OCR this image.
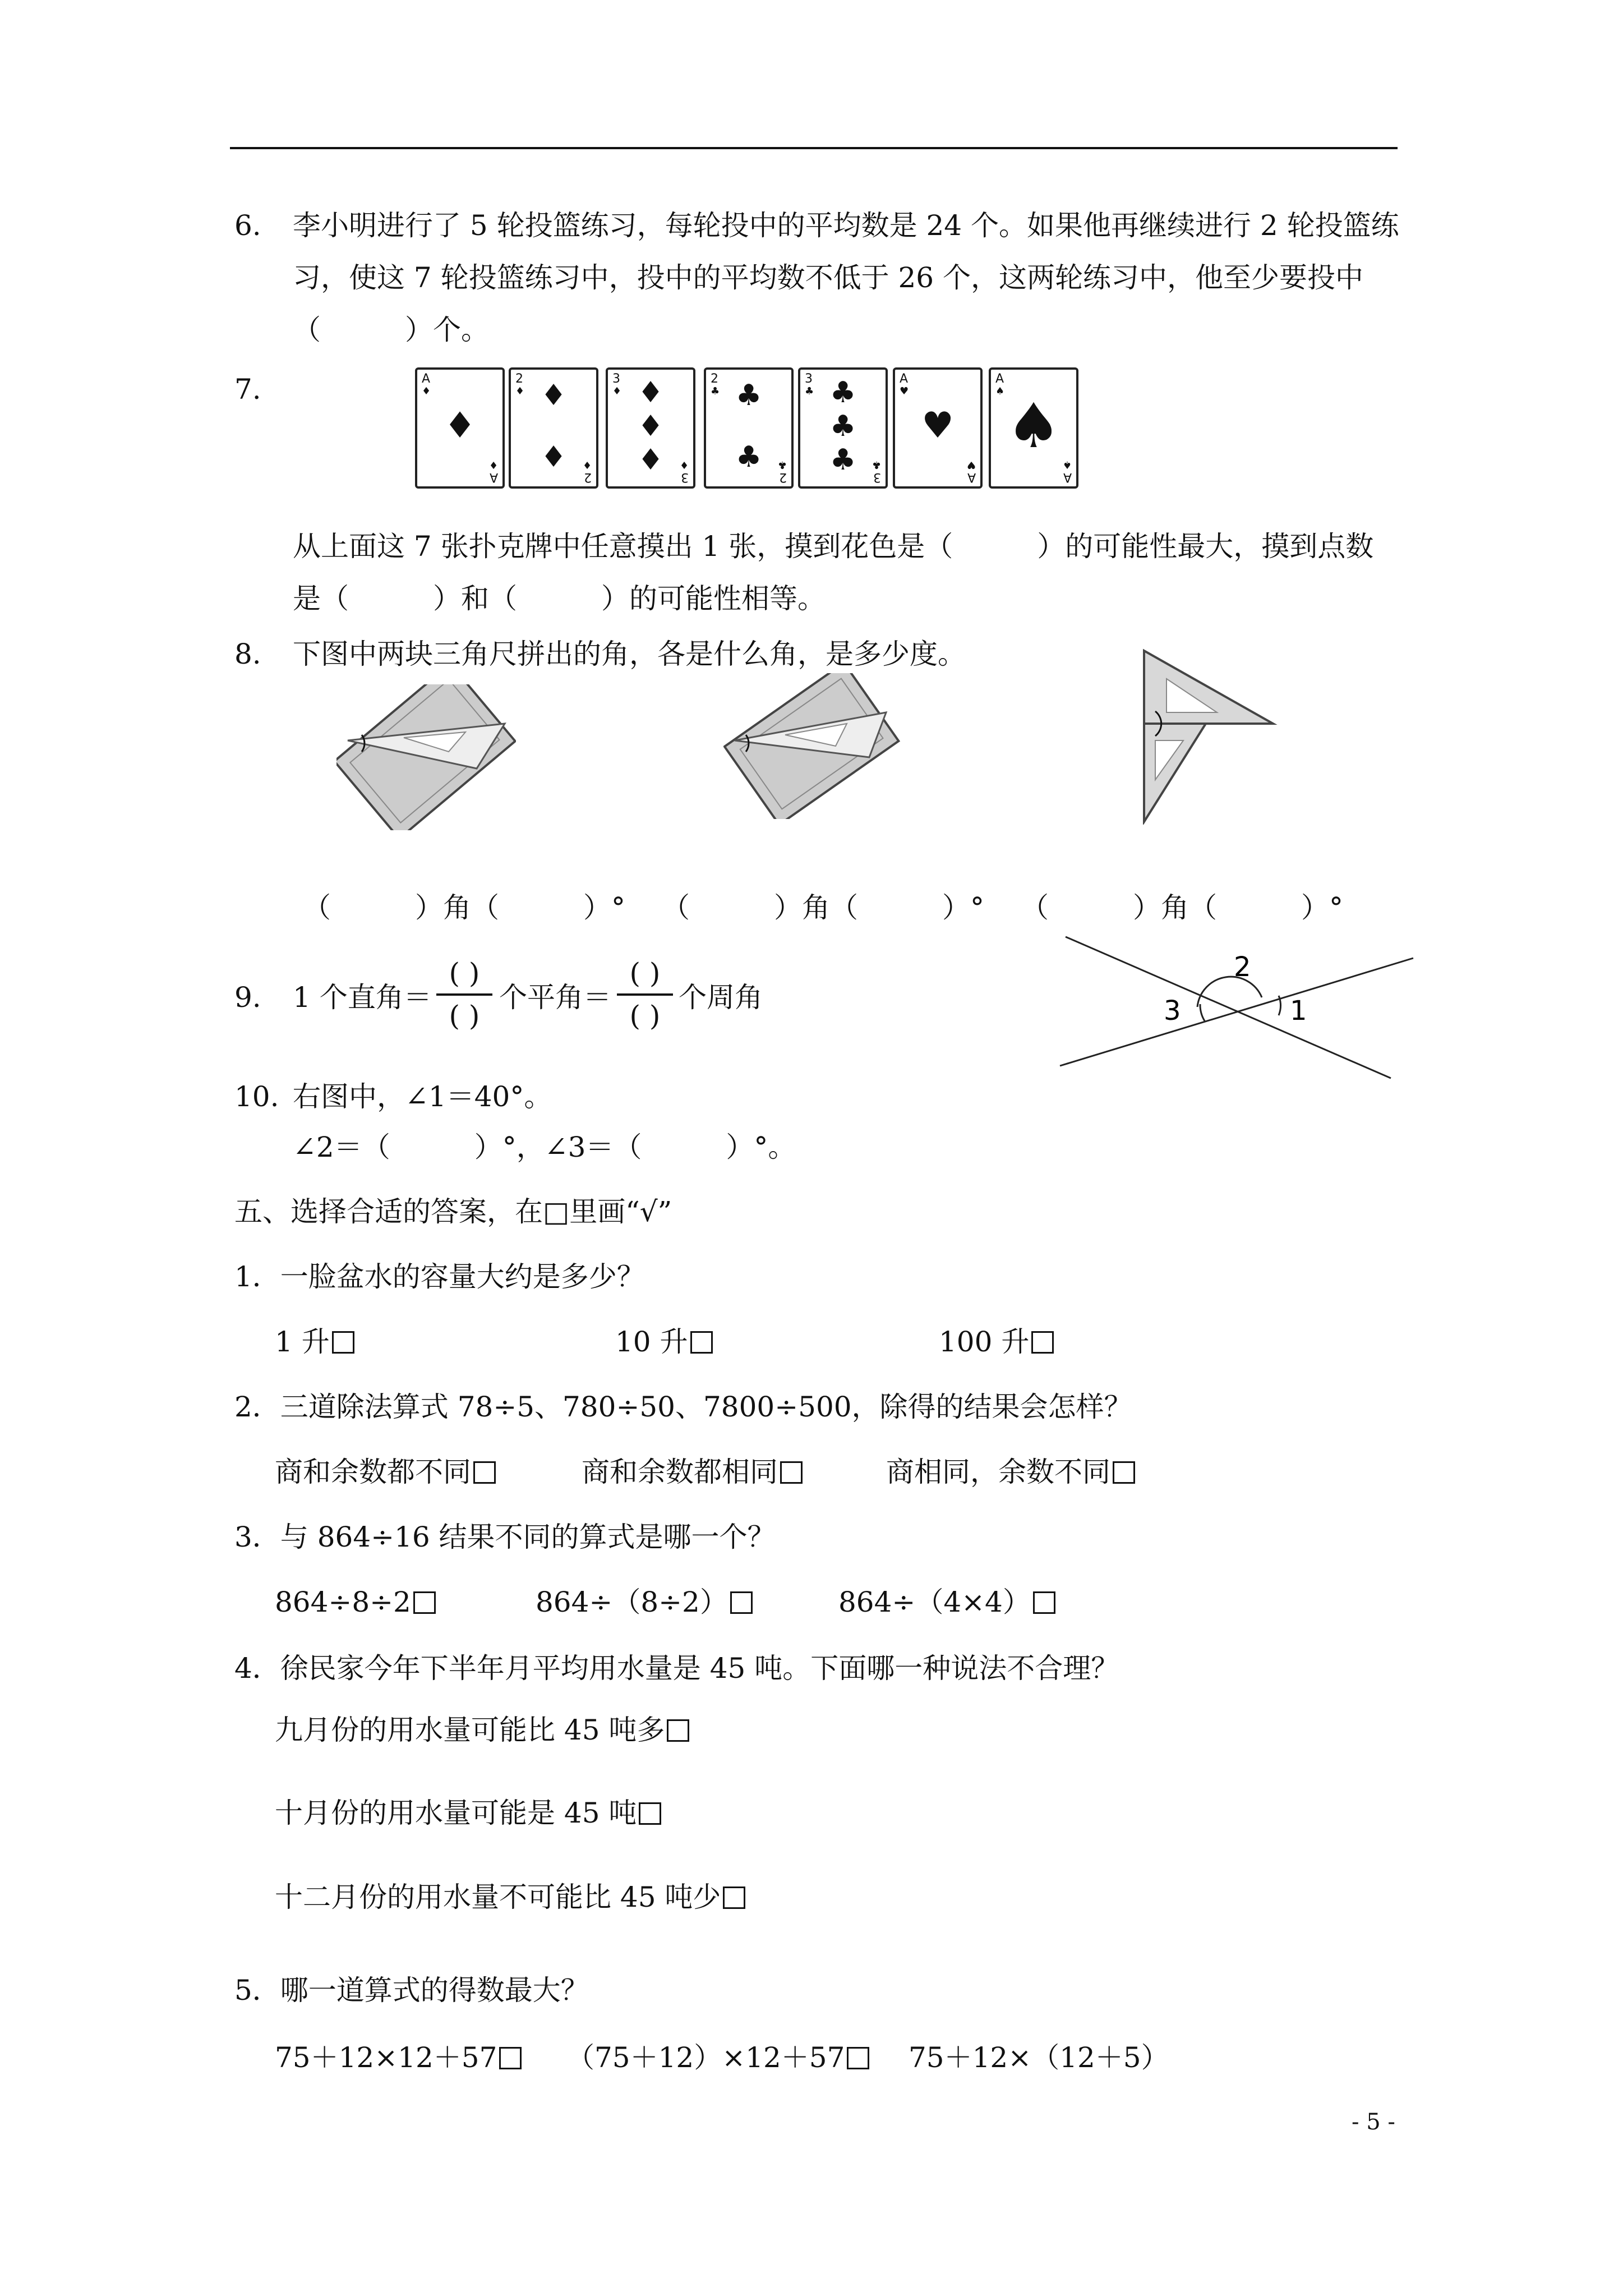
6. 李小明进行了 5 轮投篮练习，每轮投中的平均数是 24 个。如果他再继续进行 2 轮投篮练
习，使这 7 轮投篮练习中，投中的平均数不低于 26 个，这两轮练习中，他至少要投中
（　　　）个。
7.	A
♦
A
♦
♦
2
♦
2
♦
♦
♦
3
♦
3
♦
♦
♦
♦
2
♣
2
♣
♣
♣
3
♣
3
♣
♣
♣
♣
A
♥
A
♥
♥
A
♠
A
♠
♠
从上面这 7 张扑克牌中任意摸出 1 张，摸到花色是（　　　）的可能性最大，摸到点数
是（　　　）和（　　　）的可能性相等。
8. 下图中两块三角尺拼出的角，各是什么角，是多少度。
（　　　）角（　　　）° （　　　）角（　　　）° （　　　）角（　　　）°
9. 1 个直角＝
( )
( )
个平角＝
( )
( )
个周角	1
2
3
10. 右图中，∠1＝40°。
∠2＝（　　　）°，∠3＝（　　　）°。
五、选择合适的答案，在□里画“√”
1．一脸盆水的容量大约是多少？
1 升	10 升	100 升
2．三道除法算式 78÷5、780÷50、7800÷500，除得的结果会怎样？
商和余数都不同	商和余数都相同	商相同，余数不同
3．与 864÷16 结果不同的算式是哪一个？
864÷8÷2	864÷（8÷2）	864÷（4×4）
4．徐民家今年下半年月平均用水量是 45 吨。下面哪一种说法不合理？
九月份的用水量可能比 45 吨多
十月份的用水量可能是 45 吨
十二月份的用水量不可能比 45 吨少
5．哪一道算式的得数最大？
75＋12×12＋57	（75＋12）×12＋57	75＋12×（12＋5）
- 5 -
